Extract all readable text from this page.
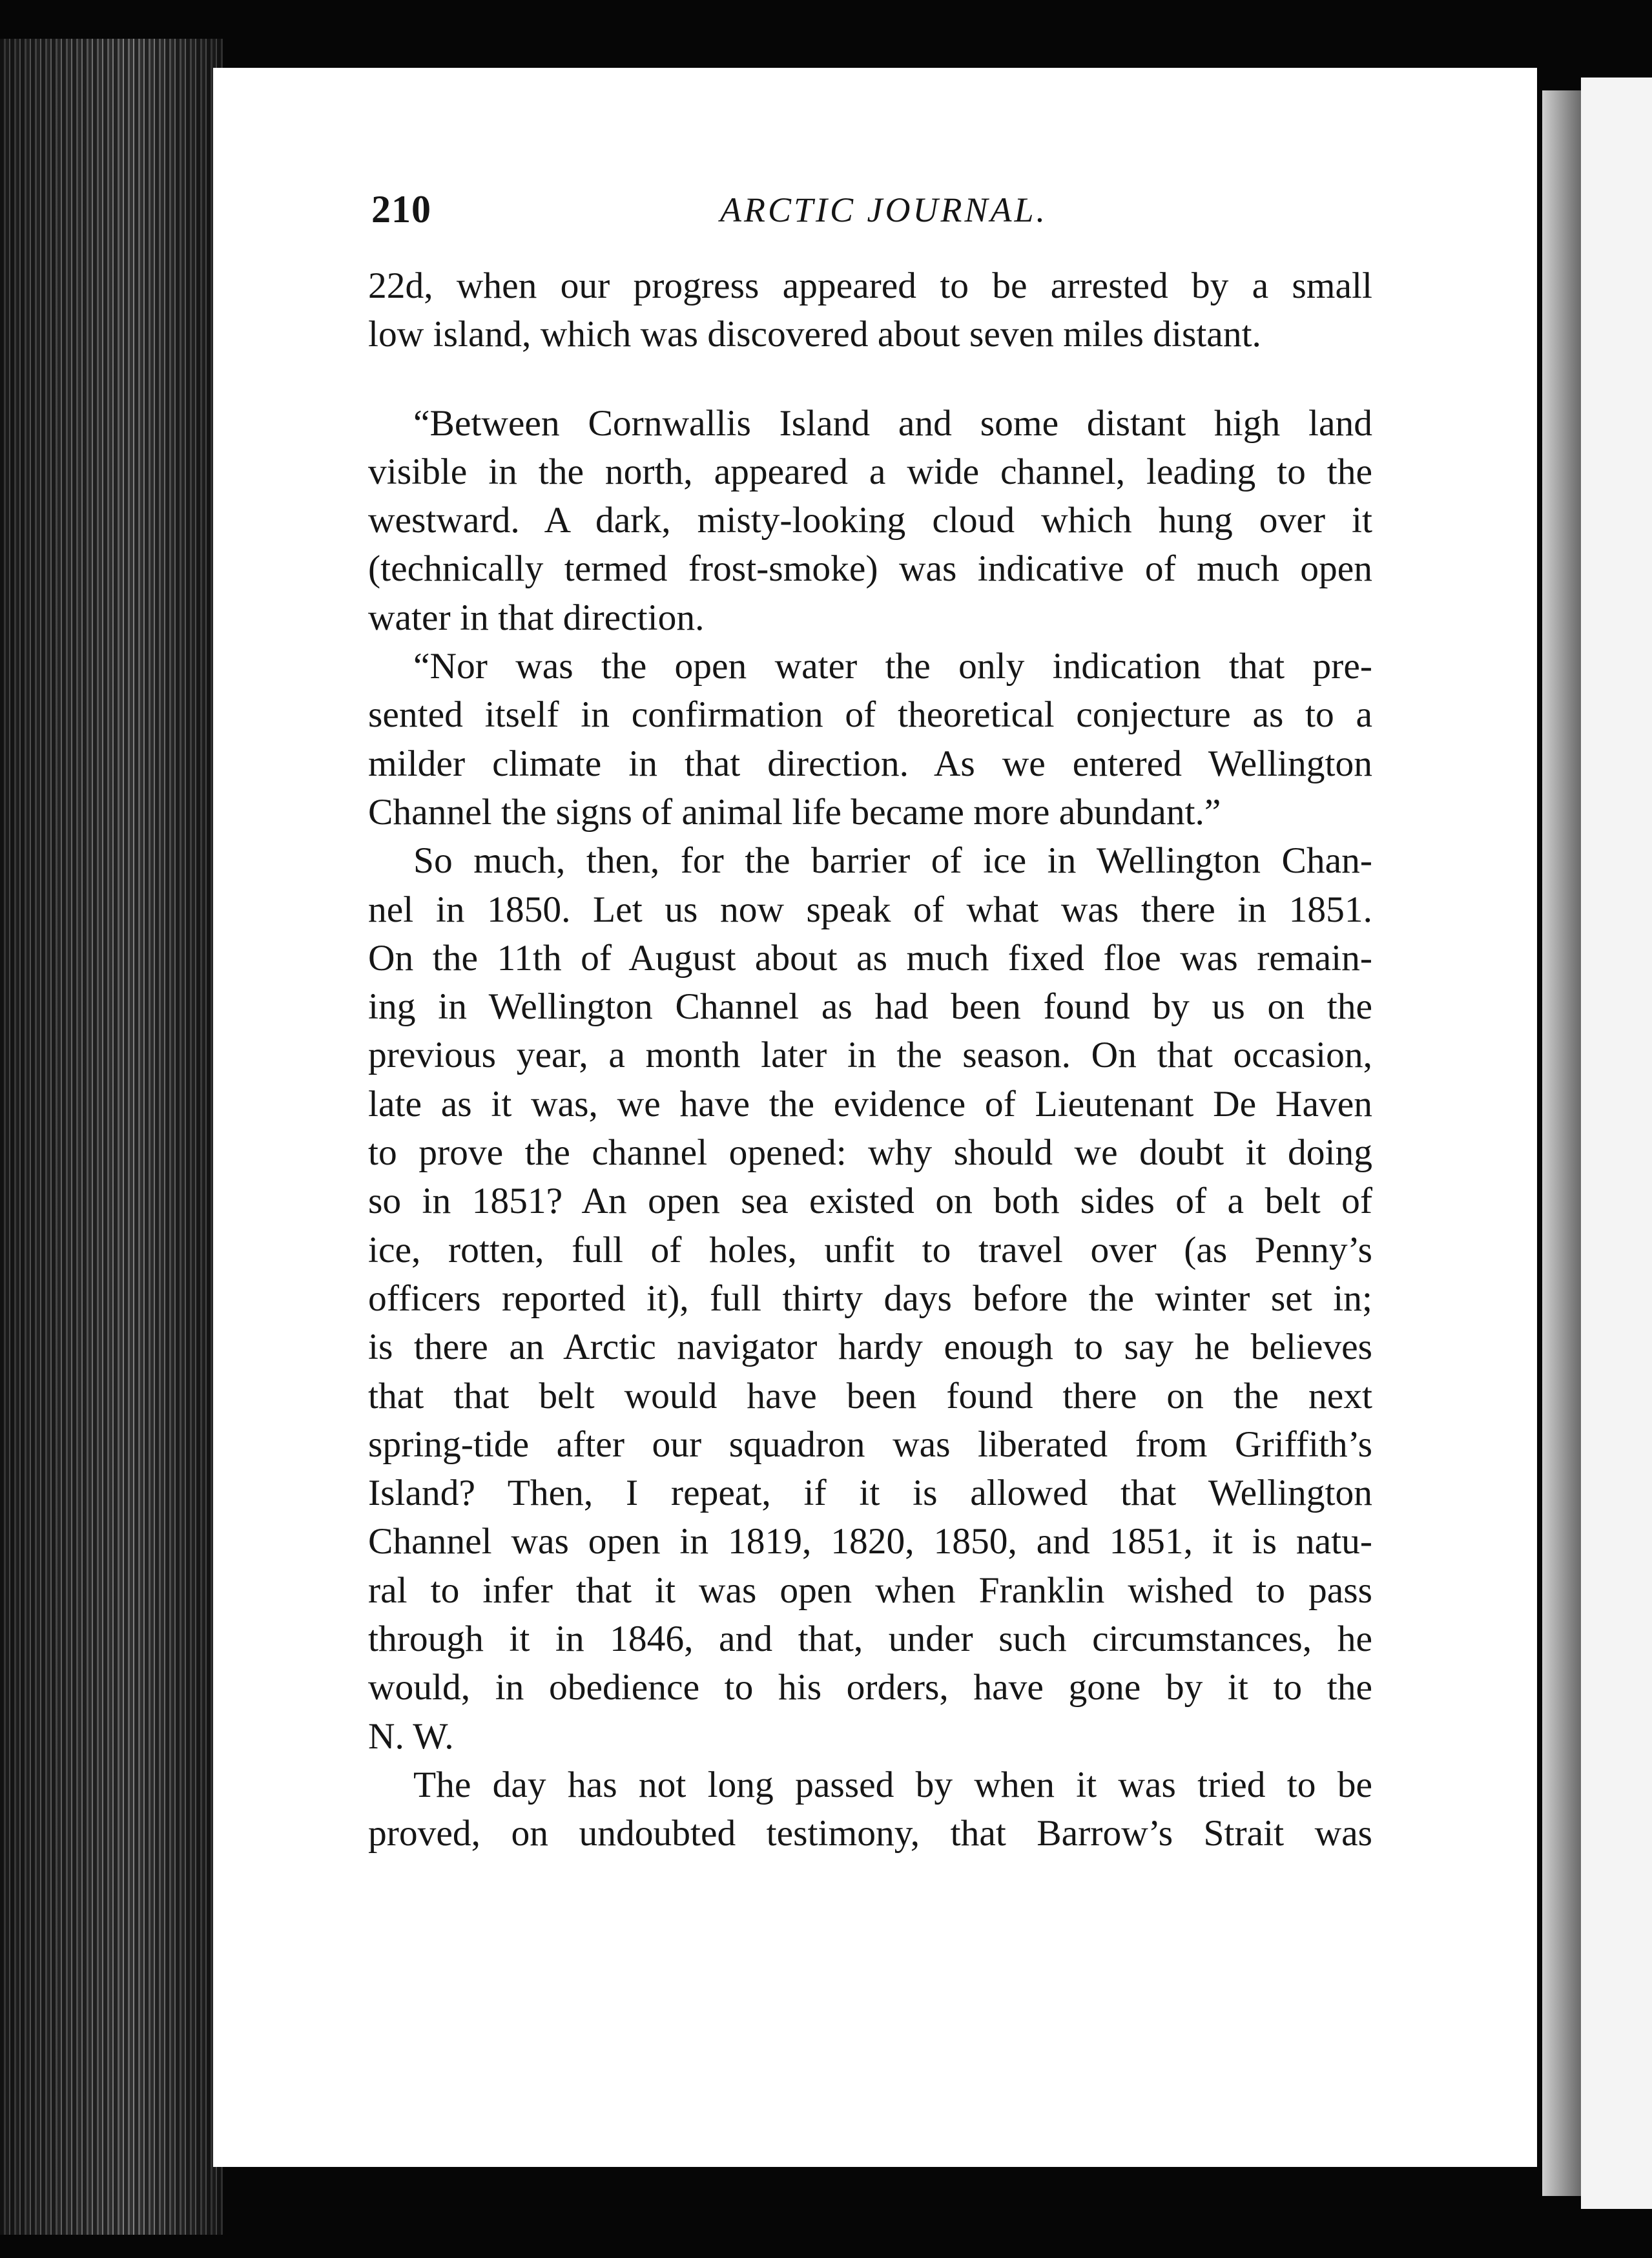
210	ARCTIC JOURNAL.
22d, when our progress appeared to be arrested by a small
low island, which was discovered about seven miles distant.
“Between Cornwallis Island and some distant high land
visible in the north, appeared a wide channel, leading to the
westward. A dark, misty-looking cloud which hung over it
(technically termed frost-smoke) was indicative of much open
water in that direction.
“Nor was the open water the only indication that pre-
sented itself in confirmation of theoretical conjecture as to a
milder climate in that direction. As we entered Wellington
Channel the signs of animal life became more abundant.”
So much, then, for the barrier of ice in Wellington Chan-
nel in 1850. Let us now speak of what was there in 1851.
On the 11th of August about as much fixed floe was remain-
ing in Wellington Channel as had been found by us on the
previous year, a month later in the season. On that occasion,
late as it was, we have the evidence of Lieutenant De Haven
to prove the channel opened: why should we doubt it doing
so in 1851? An open sea existed on both sides of a belt of
ice, rotten, full of holes, unfit to travel over (as Penny’s
officers reported it), full thirty days before the winter set in;
is there an Arctic navigator hardy enough to say he believes
that that belt would have been found there on the next
spring-tide after our squadron was liberated from Griffith’s
Island? Then, I repeat, if it is allowed that Wellington
Channel was open in 1819, 1820, 1850, and 1851, it is natu-
ral to infer that it was open when Franklin wished to pass
through it in 1846, and that, under such circumstances, he
would, in obedience to his orders, have gone by it to the
N. W.
The day has not long passed by when it was tried to be
proved, on undoubted testimony, that Barrow’s Strait was
